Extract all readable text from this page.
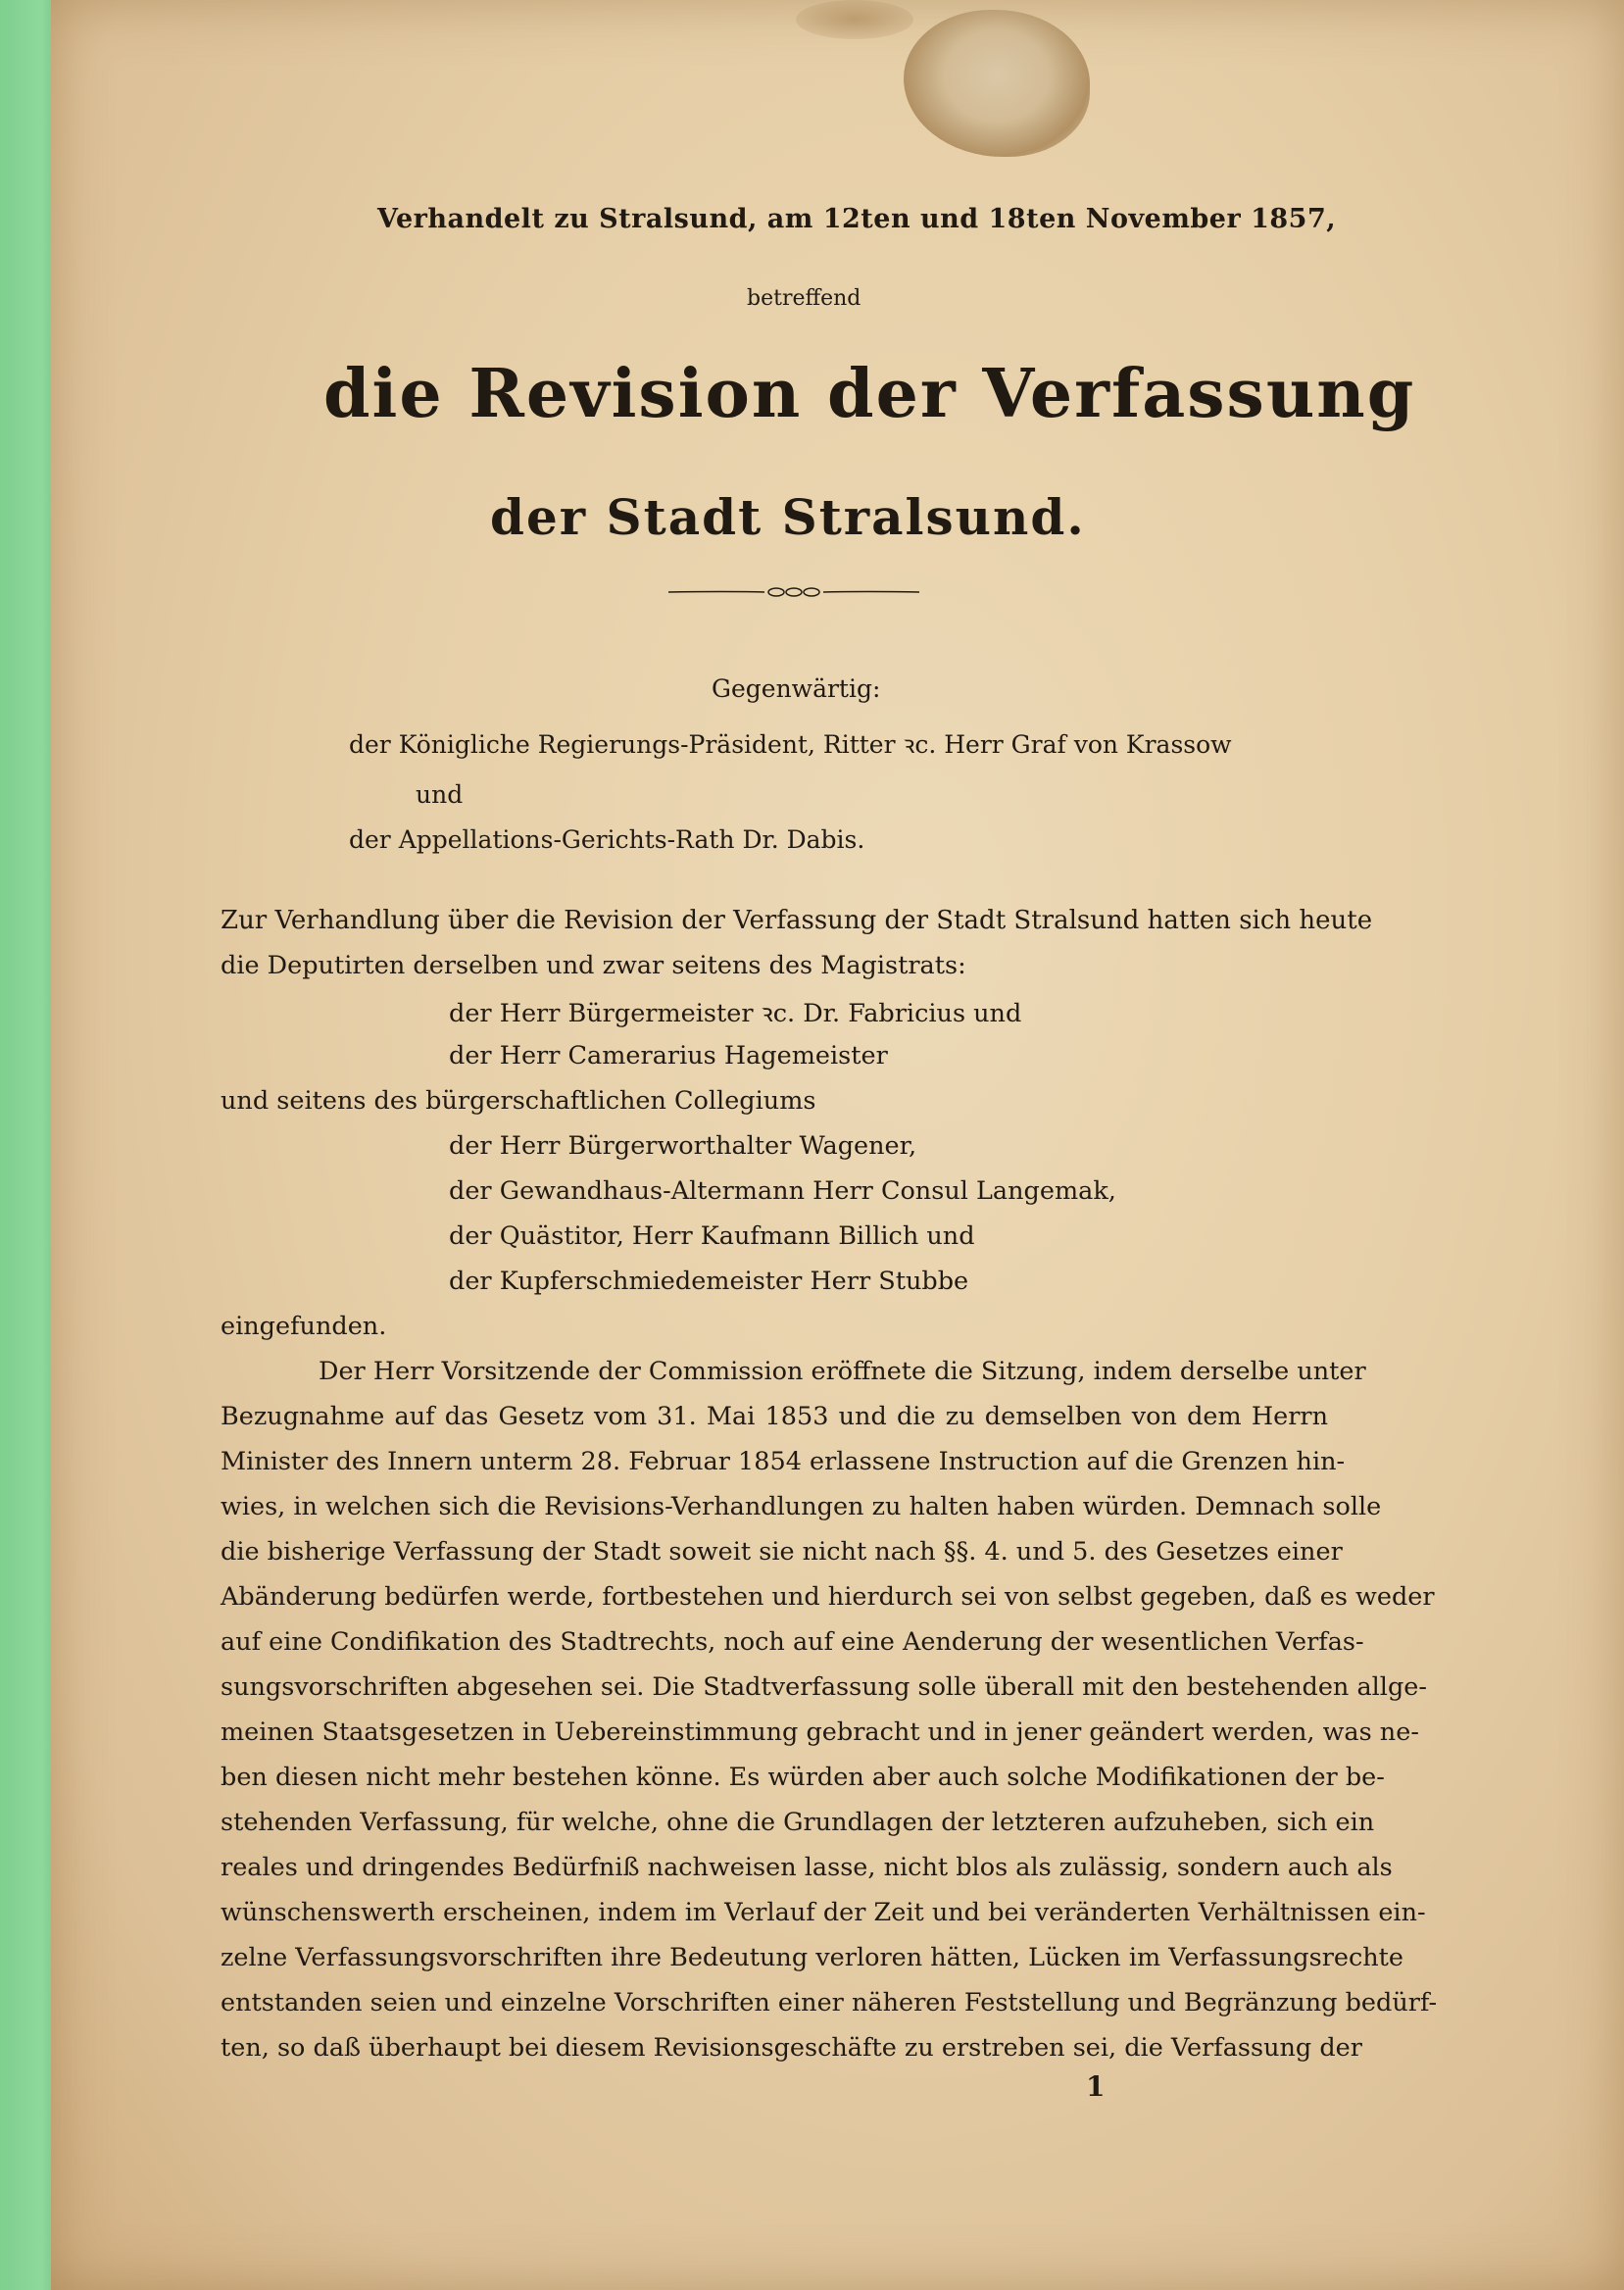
Verhandelt zu Stralsund, am 12ten und 18ten November 1857,
betreffend
die Revision der Verfassung
der Stadt Stralsund.
Gegenwärtig:
der Königliche Regierungs-Präsident, Ritter ꝛc. Herr Graf von Krassow
und
der Appellations-Gerichts-Rath Dr. Dabis.
Zur Verhandlung über die Revision der Verfassung der Stadt Stralsund hatten sich heute
die Deputirten derselben und zwar seitens des Magistrats:
der Herr Bürgermeister ꝛc. Dr. Fabricius und
der Herr Camerarius Hagemeister
und seitens des bürgerschaftlichen Collegiums
der Herr Bürgerworthalter Wagener,
der Gewandhaus-Altermann Herr Consul Langemak,
der Quästitor, Herr Kaufmann Billich und
der Kupferschmiedemeister Herr Stubbe
eingefunden.
Der Herr Vorsitzende der Commission eröffnete die Sitzung, indem derselbe unter
Bezugnahme auf das Gesetz vom 31. Mai 1853 und die zu demselben von dem Herrn
Minister des Innern unterm 28. Februar 1854 erlassene Instruction auf die Grenzen hin-
wies, in welchen sich die Revisions-Verhandlungen zu halten haben würden. Demnach solle
die bisherige Verfassung der Stadt soweit sie nicht nach §§. 4. und 5. des Gesetzes einer
Abänderung bedürfen werde, fortbestehen und hierdurch sei von selbst gegeben, daß es weder
auf eine Condifikation des Stadtrechts, noch auf eine Aenderung der wesentlichen Verfas-
sungsvorschriften abgesehen sei. Die Stadtverfassung solle überall mit den bestehenden allge-
meinen Staatsgesetzen in Uebereinstimmung gebracht und in jener geändert werden, was ne-
ben diesen nicht mehr bestehen könne. Es würden aber auch solche Modifikationen der be-
stehenden Verfassung, für welche, ohne die Grundlagen der letzteren aufzuheben, sich ein
reales und dringendes Bedürfniß nachweisen lasse, nicht blos als zulässig, sondern auch als
wünschenswerth erscheinen, indem im Verlauf der Zeit und bei veränderten Verhältnissen ein-
zelne Verfassungsvorschriften ihre Bedeutung verloren hätten, Lücken im Verfassungsrechte
entstanden seien und einzelne Vorschriften einer näheren Feststellung und Begränzung bedürf-
ten, so daß überhaupt bei diesem Revisionsgeschäfte zu erstreben sei, die Verfassung der
1
